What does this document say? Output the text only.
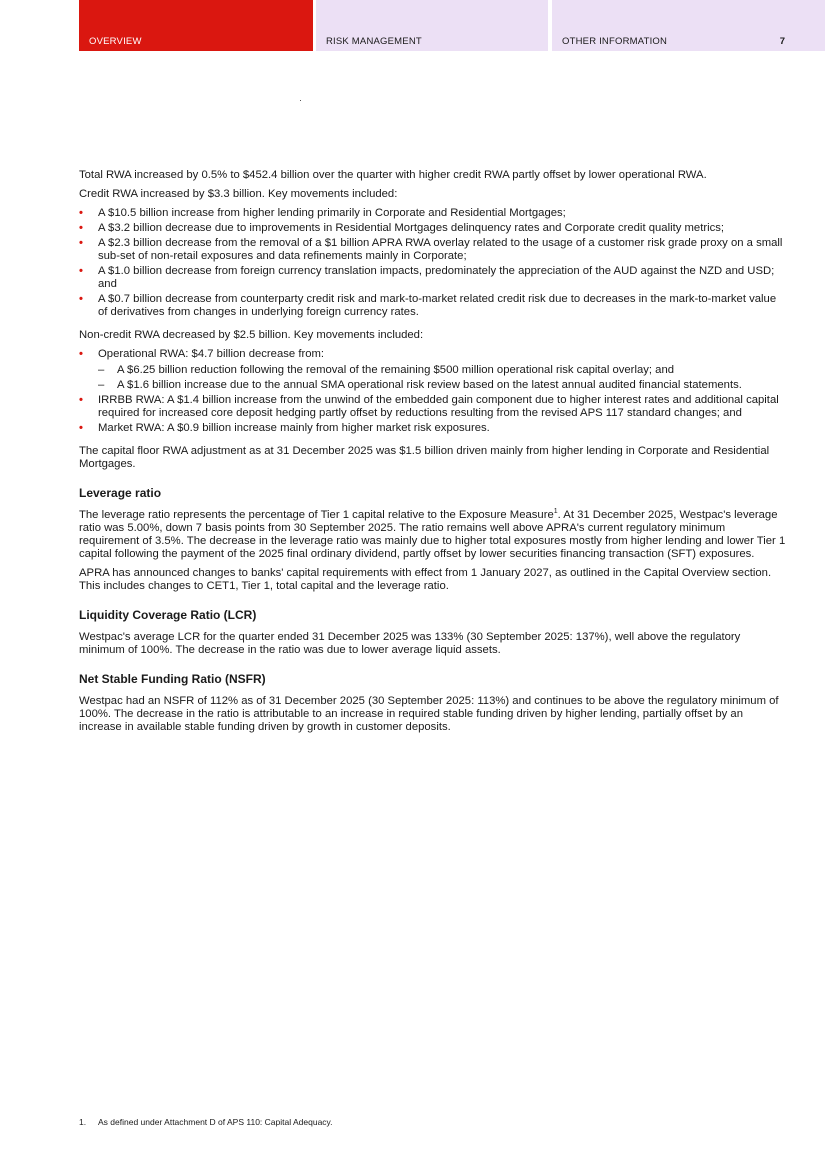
OVERVIEW	RISK MANAGEMENT	OTHER INFORMATION	7

Total RWA increased by 0.5% to $452.4 billion over the quarter with higher credit RWA partly offset by lower operational RWA.

Credit RWA increased by $3.3 billion. Key movements included:

• A $10.5 billion increase from higher lending primarily in Corporate and Residential Mortgages;
• A $3.2 billion decrease due to improvements in Residential Mortgages delinquency rates and Corporate credit quality metrics;
• A $2.3 billion decrease from the removal of a $1 billion APRA RWA overlay related to the usage of a customer risk grade proxy on a small sub-set of non-retail exposures and data refinements mainly in Corporate;
• A $1.0 billion decrease from foreign currency translation impacts, predominately the appreciation of the AUD against the NZD and USD; and
• A $0.7 billion decrease from counterparty credit risk and mark-to-market related credit risk due to decreases in the mark-to-market value of derivatives from changes in underlying foreign currency rates.

Non-credit RWA decreased by $2.5 billion. Key movements included:

• Operational RWA: $4.7 billion decrease from:
– A $6.25 billion reduction following the removal of the remaining $500 million operational risk capital overlay; and
– A $1.6 billion increase due to the annual SMA operational risk review based on the latest annual audited financial statements.
• IRRBB RWA: A $1.4 billion increase from the unwind of the embedded gain component due to higher interest rates and additional capital required for increased core deposit hedging partly offset by reductions resulting from the revised APS 117 standard changes; and
• Market RWA: A $0.9 billion increase mainly from higher market risk exposures.

The capital floor RWA adjustment as at 31 December 2025 was $1.5 billion driven mainly from higher lending in Corporate and Residential Mortgages.

Leverage ratio

The leverage ratio represents the percentage of Tier 1 capital relative to the Exposure Measure$^1$. At 31 December 2025, Westpac's leverage ratio was 5.00%, down 7 basis points from 30 September 2025. The ratio remains well above APRA's current regulatory minimum requirement of 3.5%. The decrease in the leverage ratio was mainly due to higher total exposures mostly from higher lending and lower Tier 1 capital following the payment of the 2025 final ordinary dividend, partly offset by lower securities financing transaction (SFT) exposures.

APRA has announced changes to banks' capital requirements with effect from 1 January 2027, as outlined in the Capital Overview section. This includes changes to CET1, Tier 1, total capital and the leverage ratio.

Liquidity Coverage Ratio (LCR)

Westpac's average LCR for the quarter ended 31 December 2025 was 133% (30 September 2025: 137%), well above the regulatory minimum of 100%. The decrease in the ratio was due to lower average liquid assets.

Net Stable Funding Ratio (NSFR)

Westpac had an NSFR of 112% as of 31 December 2025 (30 September 2025: 113%) and continues to be above the regulatory minimum of 100%. The decrease in the ratio is attributable to an increase in required stable funding driven by higher lending, partially offset by an increase in available stable funding driven by growth in customer deposits.

1. As defined under Attachment D of APS 110: Capital Adequacy.
